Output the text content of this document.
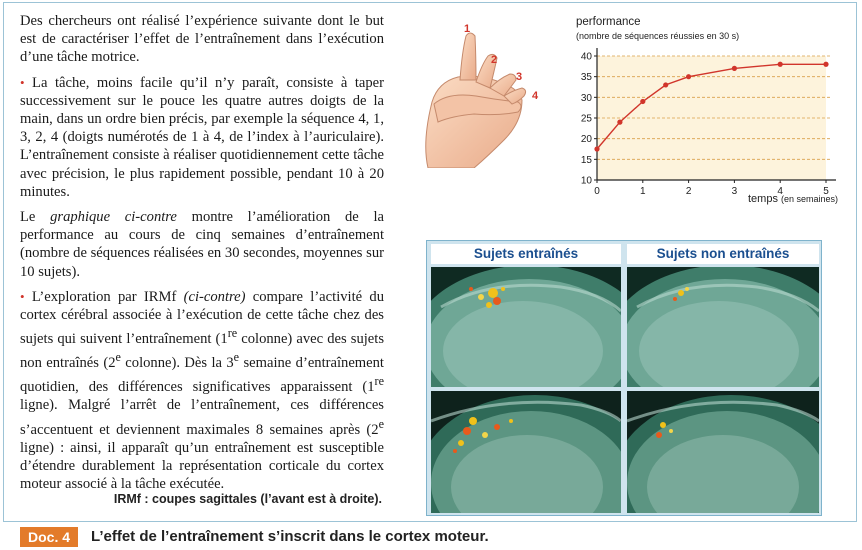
Des chercheurs ont réalisé l’expérience suivante dont le but est de caractériser l’effet de l’entraînement dans l’exécution d’une tâche motrice.

• La tâche, moins facile qu’il n’y paraît, consiste à taper successivement sur le pouce les quatre autres doigts de la main, dans un ordre bien précis, par exemple la séquence 4, 1, 3, 2, 4 (doigts numérotés de 1 à 4, de l’index à l’auriculaire). L’entraînement consiste à réaliser quotidiennement cette tâche avec précision, le plus rapidement possible, pendant 10 à 20 minutes.

Le graphique ci-contre montre l’amélioration de la performance au cours de cinq semaines d’entraînement (nombre de séquences réalisées en 30 secondes, moyennes sur 10 sujets).

• L’exploration par IRMf (ci-contre) compare l’activité du cortex cérébral associée à l’exécution de cette tâche chez des sujets qui suivent l’entraînement (1re colonne) avec des sujets non entraînés (2e colonne). Dès la 3e semaine d’entraînement quotidien, des différences significatives apparaissent (1re ligne). Malgré l’arrêt de l’entraînement, ces différences s’accentuent et deviennent maximales 8 semaines après (2e ligne) : ainsi, il apparaît qu’un entraînement est susceptible d’étendre durablement la représentation corticale du cortex moteur associé à la tâche exécutée.

IRMf : coupes sagittales (l’avant est à droite).
1
2
3
4
performance
(nombre de séquences réussies en 30 s)
10
15
20
25
30
35
40
0	1	2	3	4	5
temps (en semaines)
Sujets entraînés	Sujets non entraînés
Doc. 4	L’effet de l’entraînement s’inscrit dans le cortex moteur.
